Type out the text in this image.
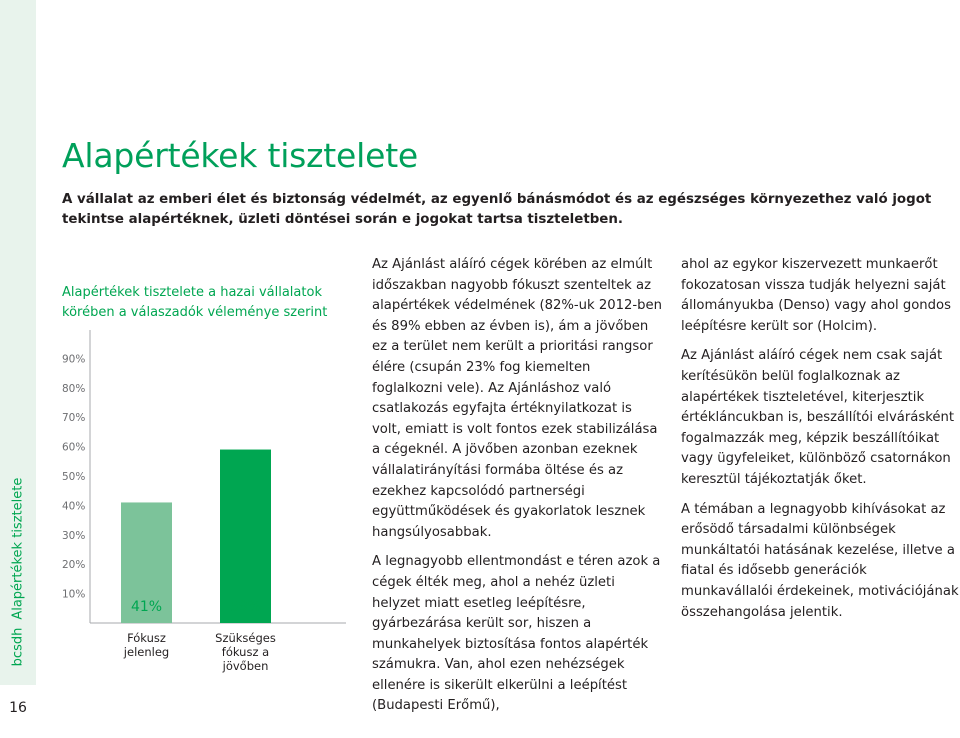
bcsdhAlapértékek tisztelete
16
Alapértékek tisztelete
A vállalat az emberi élet és biztonság védelmét, az egyenlő bánásmódot és az egészséges környezethez való jogot tekintse alapértéknek, üzleti döntései során e jogokat tartsa tiszteletben.
Alapértékek tisztelete a hazai vállalatok körében a válaszadók véleménye szerint
90%
80%
70%
60%
50%
40%
30%
20%
10%
41%
Fókusz
jelenleg
59%
Szükséges
fókusz a
jövőben

Az Ajánlást aláíró cégek körében az elmúlt időszakban nagyobb fókuszt szenteltek az alapértékek védelmének (82%-uk 2012-ben és 89% ebben az évben is), ám a jövőben ez a terület nem került a prioritási rangsor élére (csupán 23% fog kiemelten foglalkozni vele). Az Ajánláshoz való csatlakozás egyfajta értéknyilatkozat is volt, emiatt is volt fontos ezek stabilizálása a cégeknél. A jövőben azonban ezeknek vállalatirányítási formába öltése és az ezekhez kapcsolódó partnerségi együttműködések és gyakorlatok lesznek hangsúlyosabbak.

A legnagyobb ellentmondást e téren azok a cégek élték meg, ahol a nehéz üzleti helyzet miatt esetleg leépítésre, gyárbezárása került sor, hiszen a munkahelyek biztosítása fontos alapérték számukra. Van, ahol ezen nehézségek ellenére is sikerült elkerülni a leépítést (Budapesti Erőmű),

ahol az egykor kiszervezett munkaerőt fokozatosan vissza tudják helyezni saját állományukba (Denso) vagy ahol gondos leépítésre került sor (Holcim).

Az Ajánlást aláíró cégek nem csak saját kerítésükön belül foglalkoznak az alapértékek tiszteletével, kiterjesztik értékláncukban is, beszállítói elvárásként fogalmazzák meg, képzik beszállítóikat vagy ügyfeleiket, különböző csatornákon keresztül tájékoztatják őket.

A témában a legnagyobb kihívásokat az erősödő társadalmi különbségek munkáltatói hatásának kezelése, illetve a fiatal és idősebb generációk munkavállalói érdekeinek, motivációjának összehangolása jelentik.
